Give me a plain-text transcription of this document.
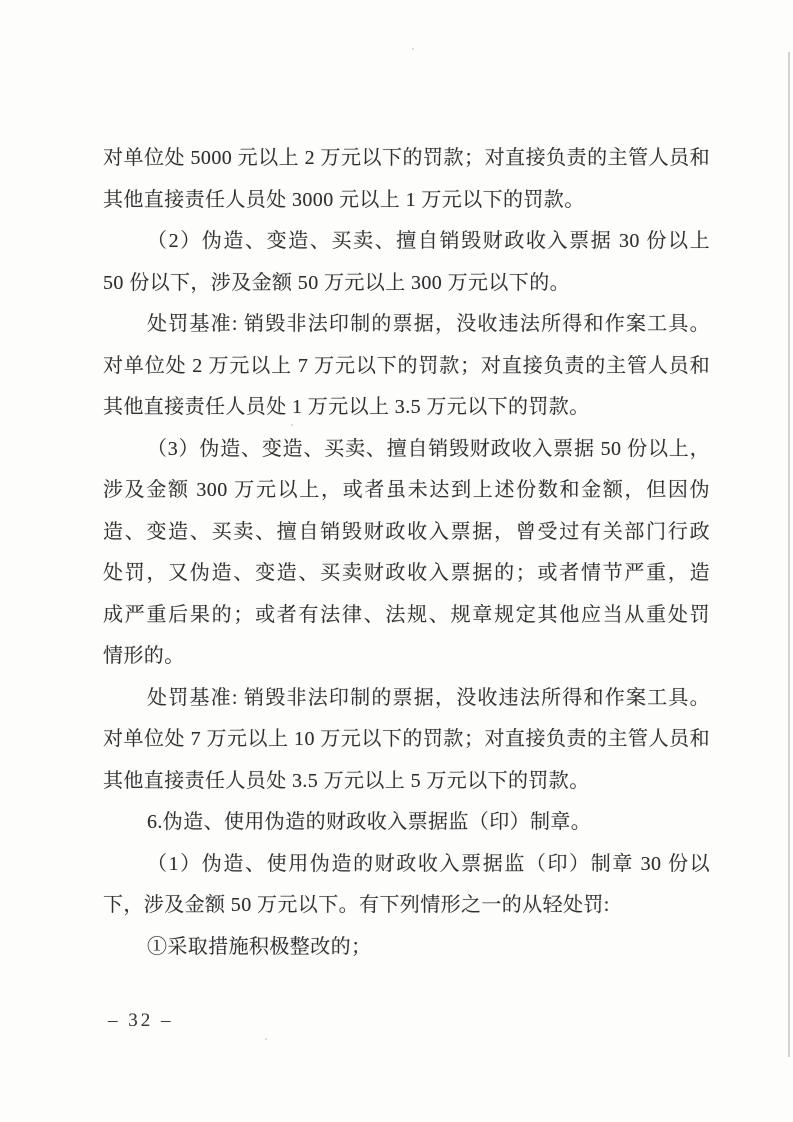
对单位处 5000 元以上 2 万元以下的罚款；对直接负责的主管人员和
其他直接责任人员处 3000 元以上 1 万元以下的罚款。
（2）伪造、变造、买卖、擅自销毁财政收入票据 30 份以上
50 份以下，涉及金额 50 万元以上 300 万元以下的。
处罚基准: 销毁非法印制的票据，没收违法所得和作案工具。
对单位处 2 万元以上 7 万元以下的罚款；对直接负责的主管人员和
其他直接责任人员处 1 万元以上 3.5 万元以下的罚款。
（3）伪造、变造、买卖、擅自销毁财政收入票据 50 份以上，
涉及金额 300 万元以上，或者虽未达到上述份数和金额，但因伪
造、变造、买卖、擅自销毁财政收入票据，曾受过有关部门行政
处罚，又伪造、变造、买卖财政收入票据的；或者情节严重，造
成严重后果的；或者有法律、法规、规章规定其他应当从重处罚
情形的。
处罚基准: 销毁非法印制的票据，没收违法所得和作案工具。
对单位处 7 万元以上 10 万元以下的罚款；对直接负责的主管人员和
其他直接责任人员处 3.5 万元以上 5 万元以下的罚款。
6.伪造、使用伪造的财政收入票据监（印）制章。
（1）伪造、使用伪造的财政收入票据监（印）制章 30 份以
下，涉及金额 50 万元以下。有下列情形之一的从轻处罚:
①采取措施积极整改的；
– 32 –
